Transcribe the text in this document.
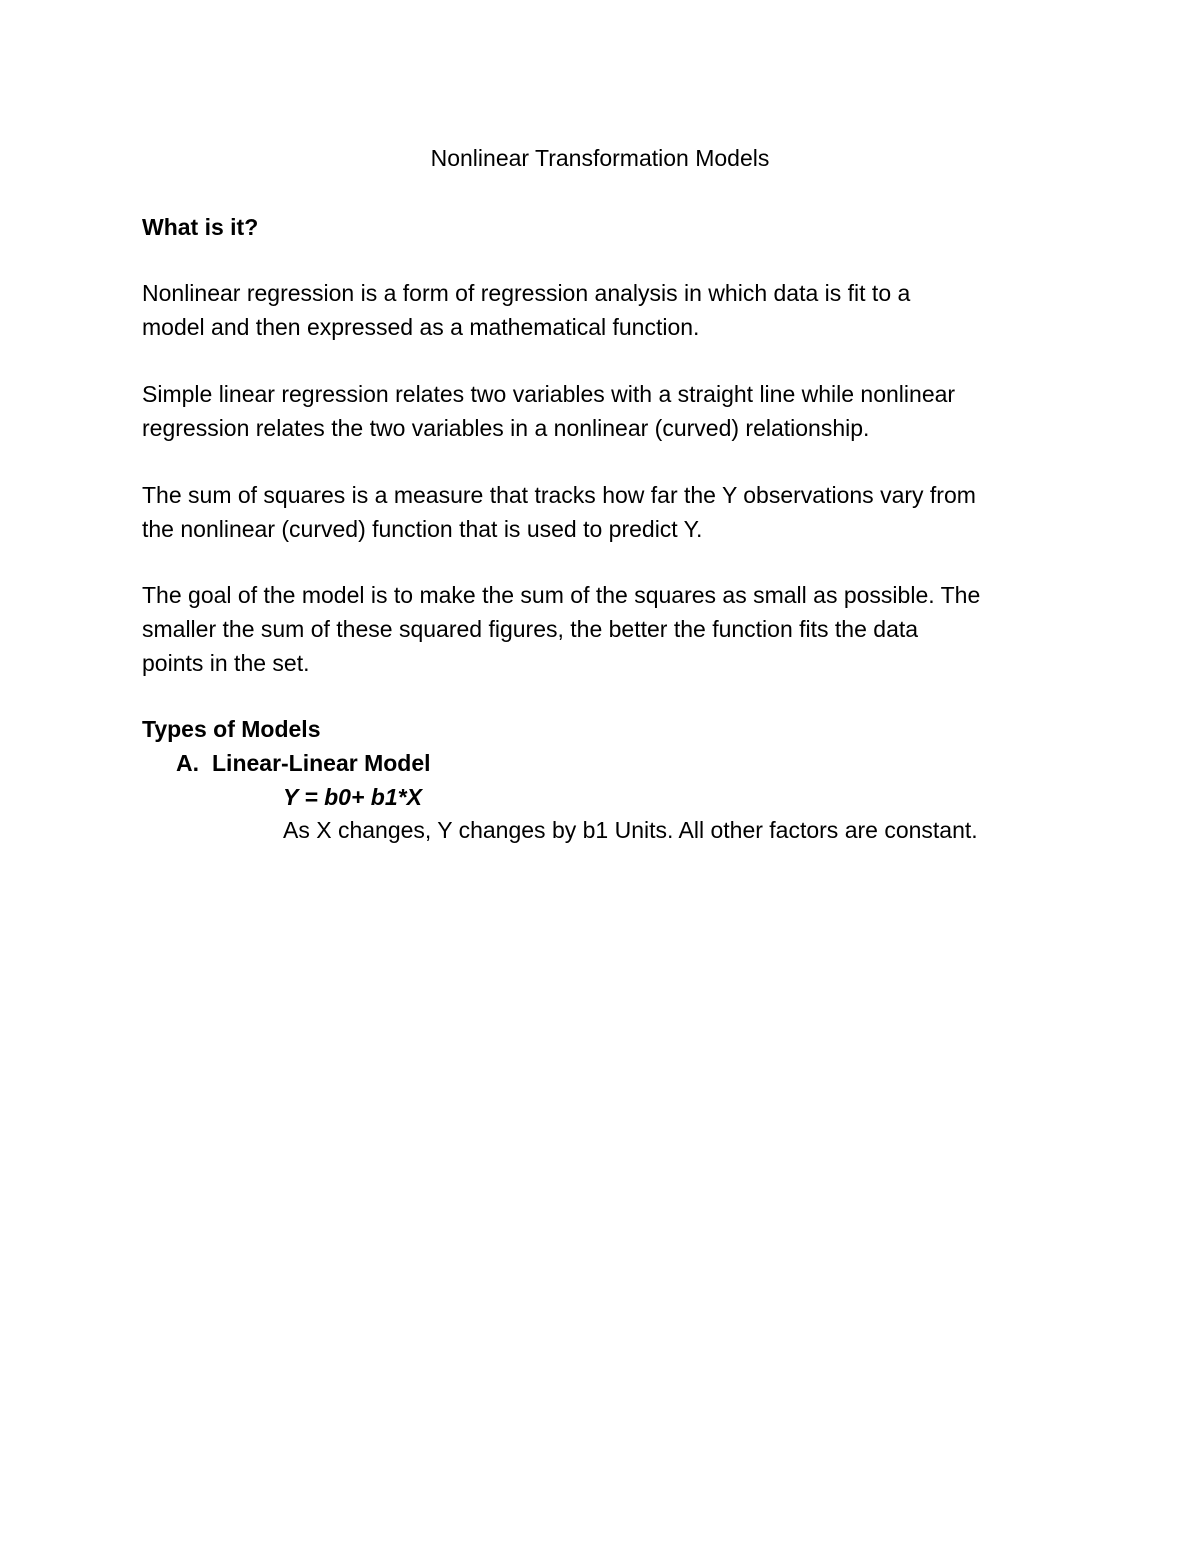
Nonlinear Transformation Models
What is it?

Nonlinear regression is a form of regression analysis in which data is fit to a

model and then expressed as a mathematical function.

Simple linear regression relates two variables with a straight line while nonlinear

regression relates the two variables in a nonlinear (curved) relationship.

The sum of squares is a measure that tracks how far the Y observations vary from

the nonlinear (curved) function that is used to predict Y.

The goal of the model is to make the sum of the squares as small as possible. The

smaller the sum of these squared figures, the better the function fits the data

points in the set.

Types of Models
A. Linear-Linear Model
Y = b0+ b1*X
As X changes, Y changes by b1 Units. All other factors are constant.
